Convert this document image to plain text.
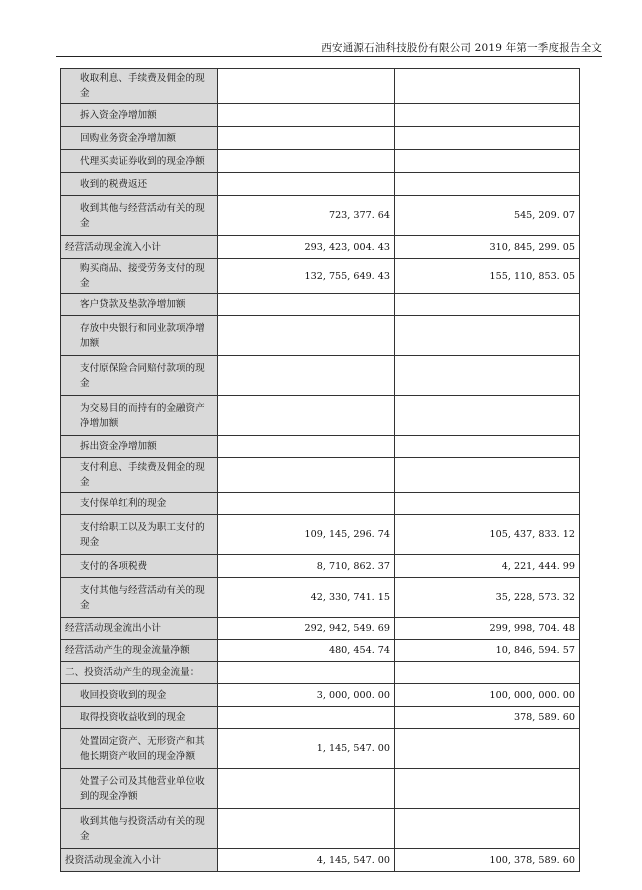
西安通源石油科技股份有限公司 2019 年第一季度报告全文
收取利息、手续费及佣金的现金		
拆入资金净增加额		
回购业务资金净增加额		
代理买卖证券收到的现金净额		
收到的税费返还		
收到其他与经营活动有关的现金	723, 377. 64	545, 209. 07
经营活动现金流入小计	293, 423, 004. 43	310, 845, 299. 05
购买商品、接受劳务支付的现金	132, 755, 649. 43	155, 110, 853. 05
客户贷款及垫款净增加额		
存放中央银行和同业款项净增加额		
支付原保险合同赔付款项的现金		
为交易目的而持有的金融资产净增加额		
拆出资金净增加额		
支付利息、手续费及佣金的现金		
支付保单红利的现金		
支付给职工以及为职工支付的现金	109, 145, 296. 74	105, 437, 833. 12
支付的各项税费	8, 710, 862. 37	4, 221, 444. 99
支付其他与经营活动有关的现金	42, 330, 741. 15	35, 228, 573. 32
经营活动现金流出小计	292, 942, 549. 69	299, 998, 704. 48
经营活动产生的现金流量净额	480, 454. 74	10, 846, 594. 57
二、投资活动产生的现金流量：		
收回投资收到的现金	3, 000, 000. 00	100, 000, 000. 00
取得投资收益收到的现金		378, 589. 60
处置固定资产、无形资产和其他长期资产收回的现金净额	1, 145, 547. 00	
处置子公司及其他营业单位收到的现金净额		
收到其他与投资活动有关的现金		
投资活动现金流入小计	4, 145, 547. 00	100, 378, 589. 60
